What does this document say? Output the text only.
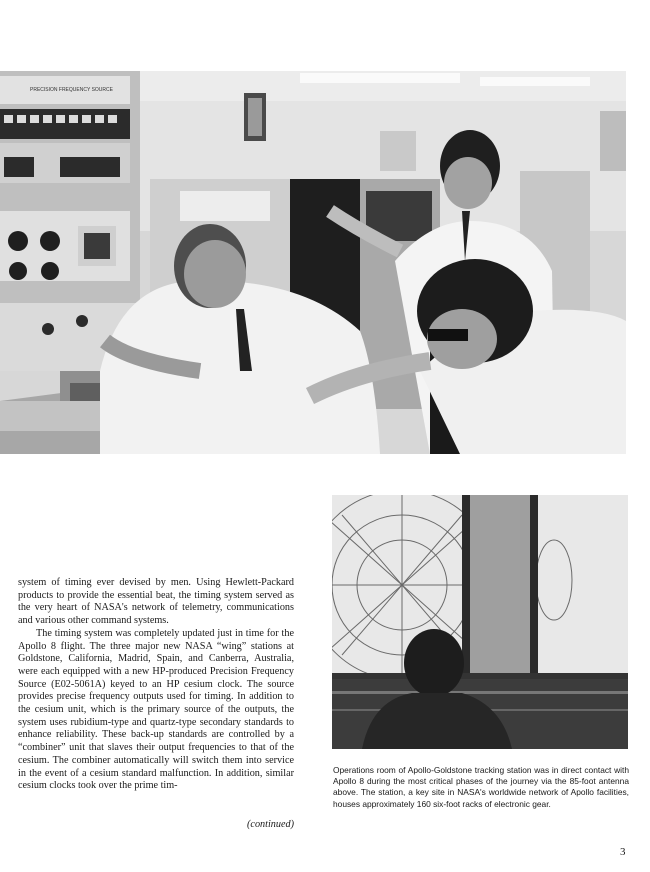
PRECISION FREQUENCY SOURCE

system of timing ever devised by men. Using Hewlett-Packard products to provide the essential beat, the timing system served as the very heart of NASA's network of telemetry, communications and various other command systems.

The timing system was completely updated just in time for the Apollo 8 flight. The three major new NASA “wing” stations at Goldstone, California, Madrid, Spain, and Canberra, Australia, were each equipped with a new HP-produced Precision Frequency Source (E02-5061A) keyed to an HP cesium clock. The source provides precise frequency outputs used for timing. In addition to the cesium unit, which is the primary source of the outputs, the system uses rubidium-type and quartz-type secondary standards to enhance reliability. These back-up standards are controlled by a “combiner” unit that slaves their output frequencies to that of the cesium. The combiner automatically will switch them into service in the event of a cesium standard malfunction. In addition, similar cesium clocks took over the prime tim-

(continued)
Operations room of Apollo-Goldstone tracking station was in direct contact with Apollo 8 during the most critical phases of the journey via the 85-foot antenna above. The station, a key site in NASA's worldwide network of Apollo facilities, houses approximately 160 six-foot racks of electronic gear.
3
